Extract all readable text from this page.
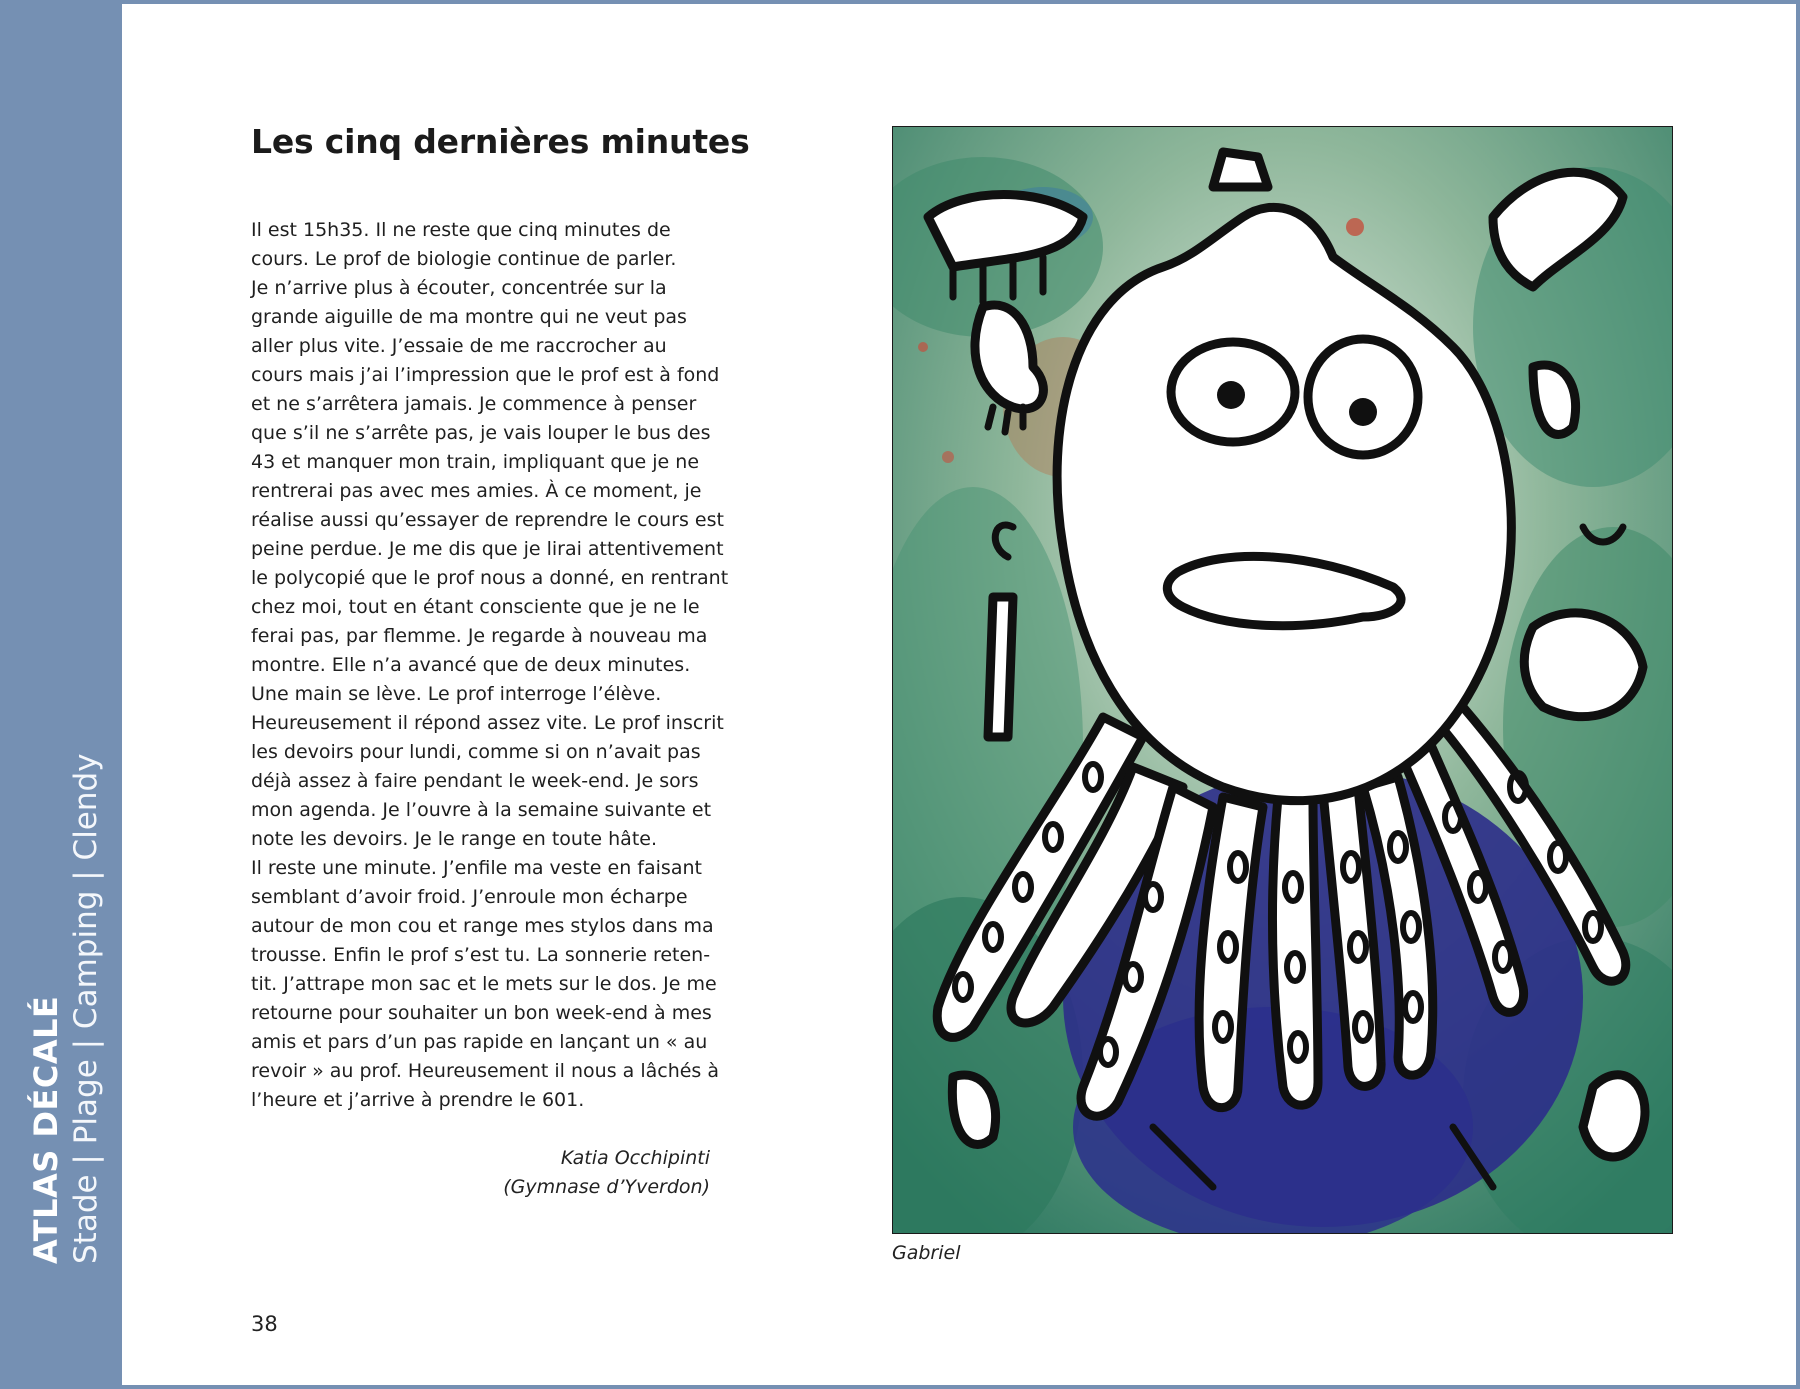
ATLAS DÉCALÉ Stade | Plage | Camping | Clendy
Les cinq dernières minutes
Il est 15h35. Il ne reste que cinq minutes de
cours. Le prof de biologie continue de parler.
Je n’arrive plus à écouter, concentrée sur la
grande aiguille de ma montre qui ne veut pas
aller plus vite. J’essaie de me raccrocher au
cours mais j’ai l’impression que le prof est à fond
et ne s’arrêtera jamais. Je commence à penser
que s’il ne s’arrête pas, je vais louper le bus des
43 et manquer mon train, impliquant que je ne
rentrerai pas avec mes amies. À ce moment, je
réalise aussi qu’essayer de reprendre le cours est
peine perdue. Je me dis que je lirai attentivement
le polycopié que le prof nous a donné, en rentrant
chez moi, tout en étant consciente que je ne le
ferai pas, par flemme. Je regarde à nouveau ma
montre. Elle n’a avancé que de deux minutes.
Une main se lève. Le prof interroge l’élève.
Heureusement il répond assez vite. Le prof inscrit
les devoirs pour lundi, comme si on n’avait pas
déjà assez à faire pendant le week-end. Je sors
mon agenda. Je l’ouvre à la semaine suivante et
note les devoirs. Je le range en toute hâte.
Il reste une minute. J’enfile ma veste en faisant
semblant d’avoir froid. J’enroule mon écharpe
autour de mon cou et range mes stylos dans ma
trousse. Enfin le prof s’est tu. La sonnerie reten-
tit. J’attrape mon sac et le mets sur le dos. Je me
retourne pour souhaiter un bon week-end à mes
amis et pars d’un pas rapide en lançant un « au
revoir » au prof. Heureusement il nous a lâchés à
l’heure et j’arrive à prendre le 601.
Katia Occhipinti
(Gymnase d’Yverdon)
38
Gabriel
